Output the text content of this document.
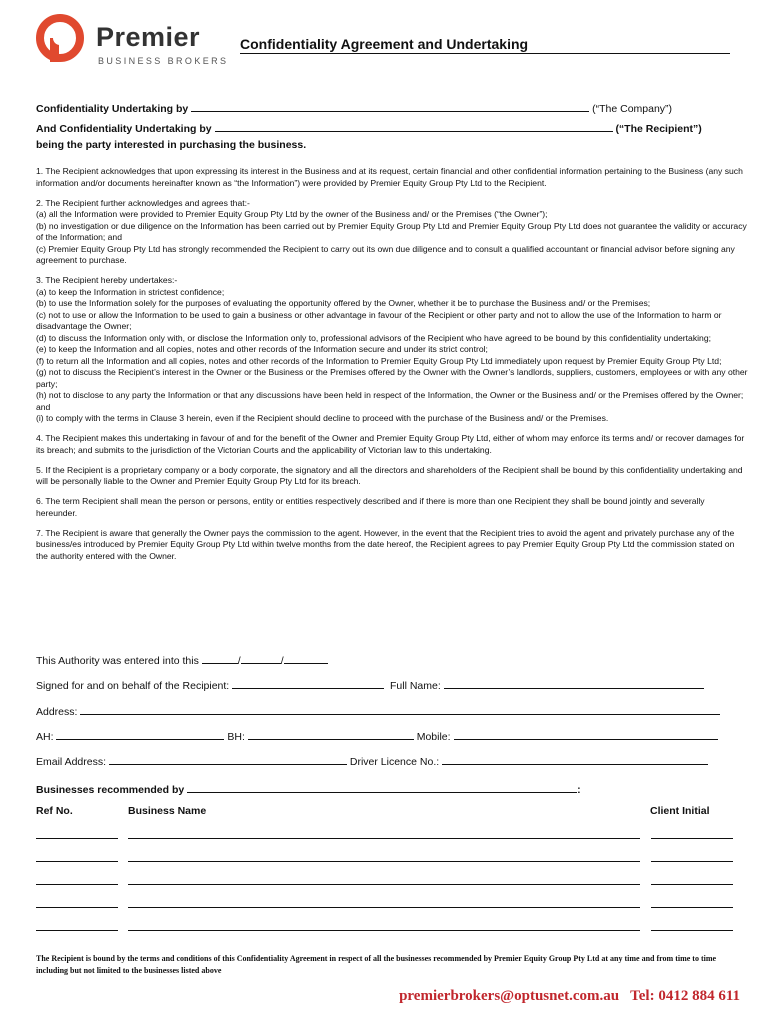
Premier
BUSINESS BROKERS
Confidentiality Agreement and Undertaking
Confidentiality Undertaking by	(“The Company”)
And Confidentiality Undertaking by	(“The Recipient”)
being the party interested in purchasing the business.

1. The Recipient acknowledges that upon expressing its interest in the Business and at its request, certain financial and other confidential information pertaining to the Business (any such information and/or documents hereinafter known as “the Information”) were provided by Premier Equity Group Pty Ltd to the Recipient.

2. The Recipient further acknowledges and agrees that:-
(a) all the Information were provided to Premier Equity Group Pty Ltd by the owner of the Business and/ or the Premises (“the Owner”);
(b) no investigation or due diligence on the Information has been carried out by Premier Equity Group Pty Ltd and Premier Equity Group Pty Ltd does not guarantee the validity or accuracy of the Information; and
(c) Premier Equity Group Pty Ltd has strongly recommended the Recipient to carry out its own due diligence and to consult a qualified accountant or financial advisor before signing any agreement to purchase.

3. The Recipient hereby undertakes:-
(a) to keep the Information in strictest confidence;
(b) to use the Information solely for the purposes of evaluating the opportunity offered by the Owner, whether it be to purchase the Business and/ or the Premises;
(c) not to use or allow the Information to be used to gain a business or other advantage in favour of the Recipient or other party and not to allow the use of the Information to harm or disadvantage the Owner;
(d) to discuss the Information only with, or disclose the Information only to, professional advisors of the Recipient who have agreed to be bound by this confidentiality undertaking;
(e) to keep the Information and all copies, notes and other records of the Information secure and under its strict control;
(f) to return all the Information and all copies, notes and other records of the Information to Premier Equity Group Pty Ltd immediately upon request by Premier Equity Group Pty Ltd;
(g) not to discuss the Recipient’s interest in the Owner or the Business or the Premises offered by the Owner with the Owner’s landlords, suppliers, customers, employees or with any other party;
(h) not to disclose to any party the Information or that any discussions have been held in respect of the Information, the Owner or the Business and/ or the Premises offered by the Owner; and
(i) to comply with the terms in Clause 3 herein, even if the Recipient should decline to proceed with the purchase of the Business and/ or the Premises.

4. The Recipient makes this undertaking in favour of and for the benefit of the Owner and Premier Equity Group Pty Ltd, either of whom may enforce its terms and/ or recover damages for its breach; and submits to the jurisdiction of the Victorian Courts and the applicability of Victorian law to this undertaking.

5. If the Recipient is a proprietary company or a body corporate, the signatory and all the directors and shareholders of the Recipient shall be bound by this confidentiality undertaking and will be personally liable to the Owner and Premier Equity Group Pty Ltd for its breach.

6. The term Recipient shall mean the person or persons, entity or entities respectively described and if there is more than one Recipient they shall be bound jointly and severally hereunder.

7. The Recipient is aware that generally the Owner pays the commission to the agent. However, in the event that the Recipient tries to avoid the agent and privately purchase any of the business/es introduced by Premier Equity Group Pty Ltd within twelve months from the date hereof, the Recipient agrees to pay Premier Equity Group Pty Ltd the commission stated on the authority entered with the Owner.

This Authority was entered into this	/	/
Signed for and on behalf of the Recipient:	Full Name:
Address:
AH:	BH:	Mobile:
Email Address:	Driver Licence No.:
Businesses recommended by	:
Ref No.	Business Name	Client Initial
The Recipient is bound by the terms and conditions of this Confidentiality Agreement in respect of all the businesses recommended by Premier Equity Group Pty Ltd at any time and from time to time including but not limited to the businesses listed above
premierbrokers@optusnet.com.au Tel: 0412 884 611
